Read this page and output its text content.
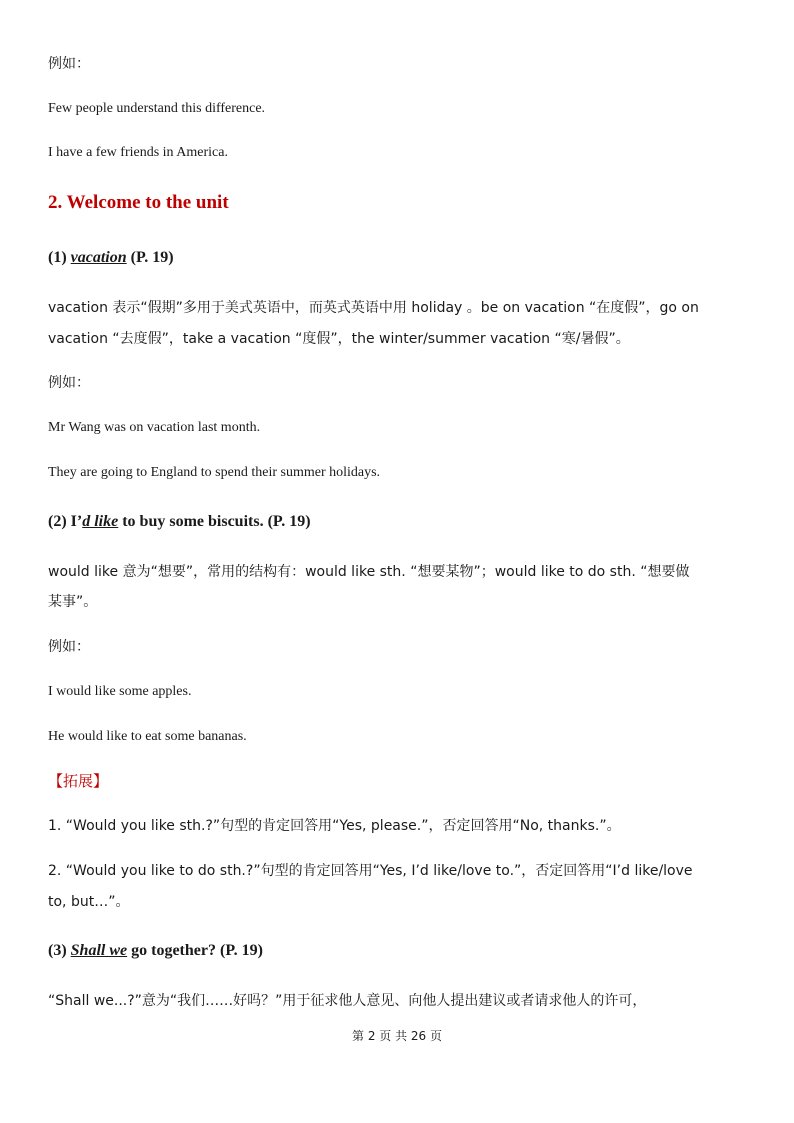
例如：
Few people understand this difference.
I have a few friends in America.
2. Welcome to the unit
(1) vacation (P. 19)
vacation 表示“假期”多用于美式英语中，而英式英语中用 holiday 。be on vacation “在度假”，go on
vacation “去度假”，take a vacation “度假”，the winter/summer vacation “寒/暑假”。
例如：
Mr Wang was on vacation last month.
They are going to England to spend their summer holidays.
(2) I’d like to buy some biscuits. (P. 19)
would like 意为“想要”，常用的结构有：would like sth. “想要某物”；would like to do sth. “想要做
某事”。
例如：
I would like some apples.
He would like to eat some bananas.
【拓展】
1. “Would you like sth.?”句型的肯定回答用“Yes, please.”，否定回答用“No, thanks.”。
2. “Would you like to do sth.?”句型的肯定回答用“Yes, I’d like/love to.”，否定回答用“I’d like/love
to, but…”。
(3) Shall we go together? (P. 19)
“Shall we...?”意为“我们……好吗？”用于征求他人意见、向他人提出建议或者请求他人的许可，
第 2 页 共 26 页
